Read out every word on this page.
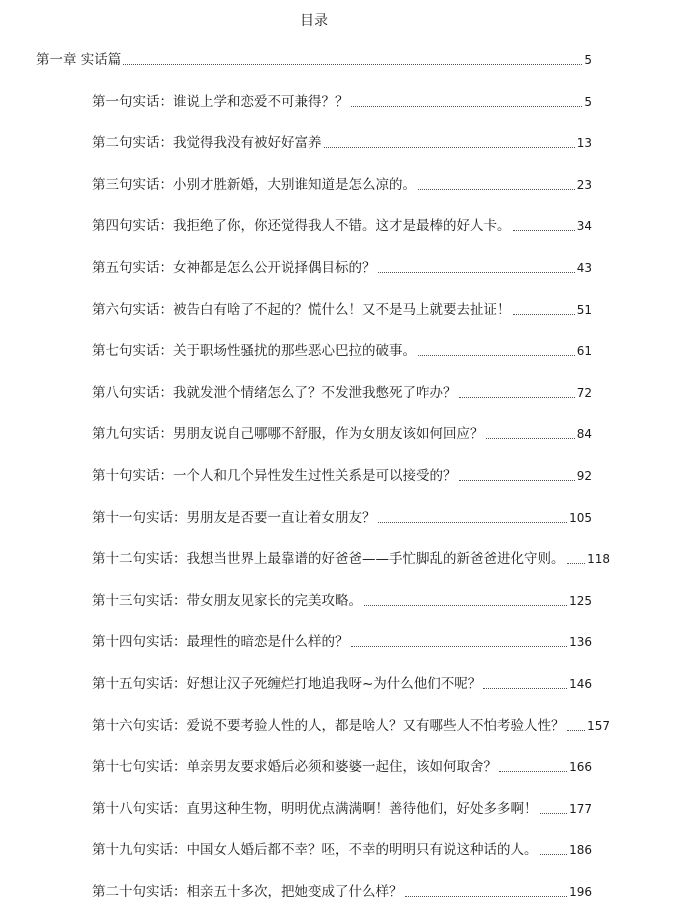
目录
第一章 实话篇	5
第一句实话：谁说上学和恋爱不可兼得？？	5
第二句实话：我觉得我没有被好好富养	13
第三句实话：小别才胜新婚，大别谁知道是怎么凉的。	23
第四句实话：我拒绝了你，你还觉得我人不错。这才是最棒的好人卡。	34
第五句实话：女神都是怎么公开说择偶目标的？	43
第六句实话：被告白有啥了不起的？慌什么！又不是马上就要去扯证！	51
第七句实话：关于职场性骚扰的那些恶心巴拉的破事。	61
第八句实话：我就发泄个情绪怎么了？不发泄我憋死了咋办？	72
第九句实话：男朋友说自己哪哪不舒服，作为女朋友该如何回应？	84
第十句实话：一个人和几个异性发生过性关系是可以接受的？	92
第十一句实话：男朋友是否要一直让着女朋友？	105
第十二句实话：我想当世界上最靠谱的好爸爸——手忙脚乱的新爸爸进化守则。 118
第十三句实话：带女朋友见家长的完美攻略。	125
第十四句实话：最理性的暗恋是什么样的？	136
第十五句实话：好想让汉子死缠烂打地追我呀~为什么他们不呢？	146
第十六句实话：爱说不要考验人性的人，都是啥人？又有哪些人不怕考验人性？ 157
第十七句实话：单亲男友要求婚后必须和婆婆一起住，该如何取舍？	166
第十八句实话：直男这种生物，明明优点满满啊！善待他们，好处多多啊！	177
第十九句实话：中国女人婚后都不幸？呸，不幸的明明只有说这种话的人。	186
第二十句实话：相亲五十多次，把她变成了什么样？	196
